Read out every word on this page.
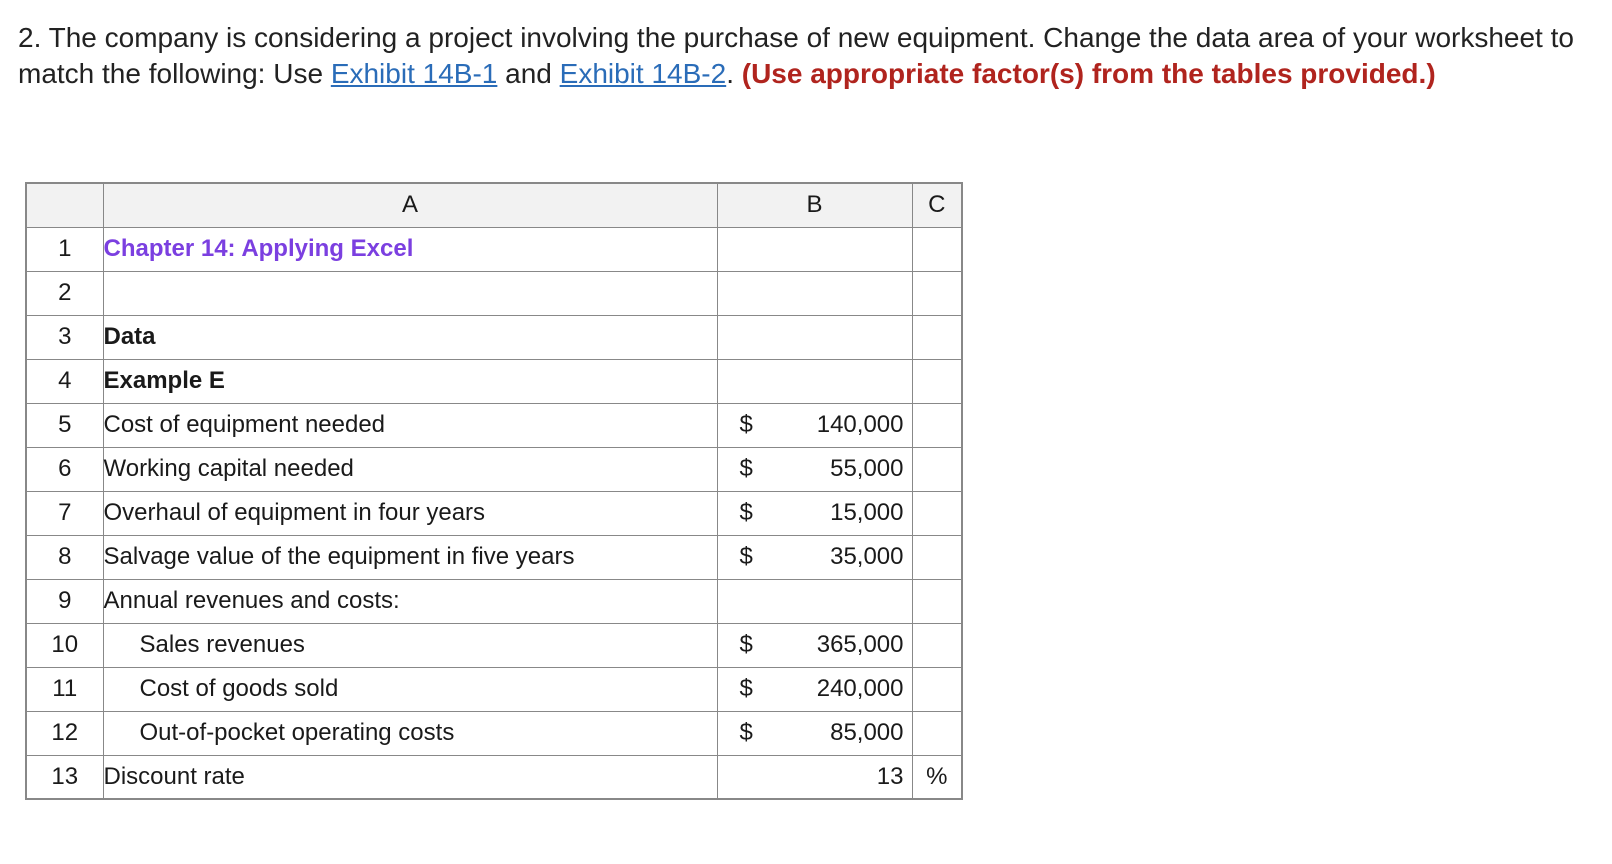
2. The company is considering a project involving the purchase of new equipment. Change the data area of your worksheet to match the following: Use Exhibit 14B-1 and Exhibit 14B-2. (Use appropriate factor(s) from the tables provided.)
	A	B	C
1	Chapter 14: Applying Excel	

2		

3	Data	

4	Example E	

5	Cost of equipment needed	$ 140,000	

6	Working capital needed	$ 55,000	

7	Overhaul of equipment in four years	$ 15,000	

8	Salvage value of the equipment in five years	$ 35,000	

9	Annual revenues and costs:	

10	Sales revenues	$ 365,000	

11	Cost of goods sold	$ 240,000	

12	Out-of-pocket operating costs	$ 85,000	

13	Discount rate	13	%
